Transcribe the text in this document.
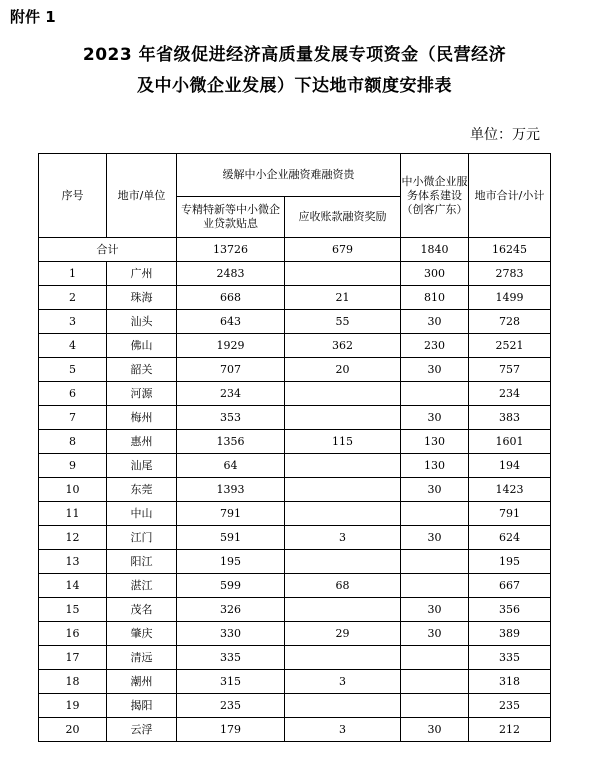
附件 1
2023 年省级促进经济高质量发展专项资金（民营经济
及中小微企业发展）下达地市额度安排表
单位：万元
序号	地市/单位	缓解中小企业融资难融资贵		中小微企业服务体系建设（创客广东）	地市合计/小计
		专精特新等中小微企业贷款贴息	应收账款融资奖励		
合计		13726	679	1840	16245
1	广州	2483		300	2783
2	珠海	668	21	810	1499
3	汕头	643	55	30	728
4	佛山	1929	362	230	2521
5	韶关	707	20	30	757
6	河源	234			234
7	梅州	353		30	383
8	惠州	1356	115	130	1601
9	汕尾	64		130	194
10	东莞	1393		30	1423
11	中山	791			791
12	江门	591	3	30	624
13	阳江	195			195
14	湛江	599	68		667
15	茂名	326		30	356
16	肇庆	330	29	30	389
17	清远	335			335
18	潮州	315	3		318
19	揭阳	235			235
20	云浮	179	3	30	212
